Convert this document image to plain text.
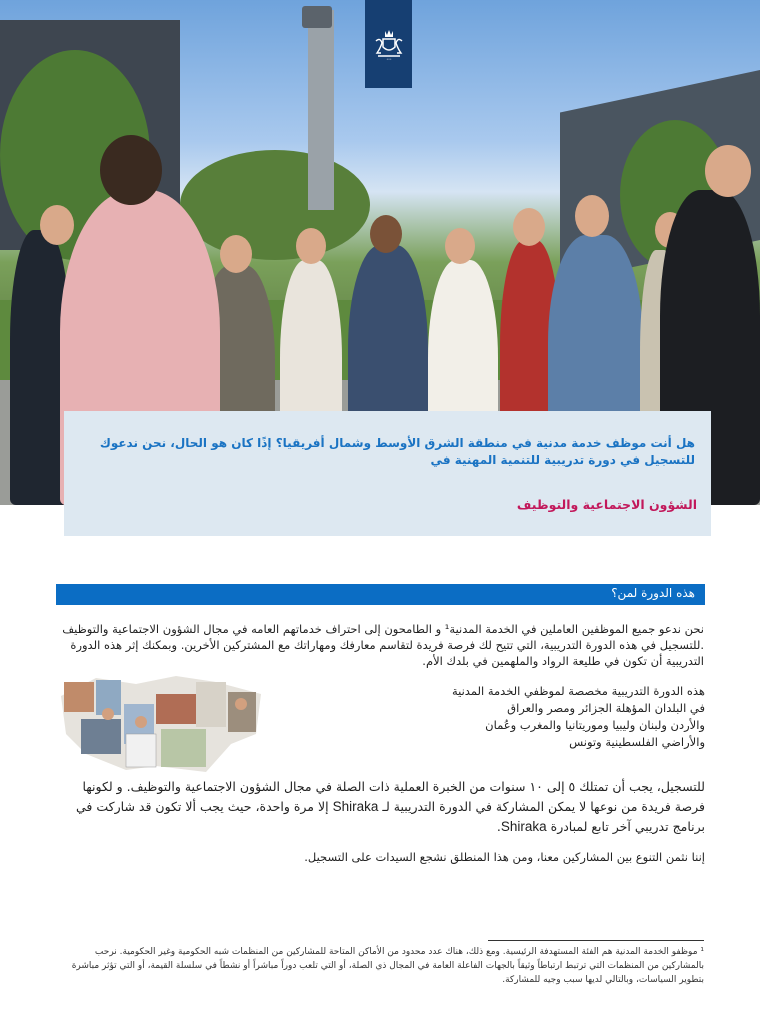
•••

هل أنت موظف خدمة مدنية في منطقة الشرق الأوسط وشمال أفريقيا؟ إذًا كان هو الحال، نحن ندعوك للتسجيل في دورة تدريبية للتنمية المهنية في

الشؤون الاجتماعية والتوظيف

هذه الدورة لمن؟

نحن ندعو جميع الموظفين العاملين في الخدمة المدنية¹ و الطامحون إلى احتراف خدماتهم العامه في مجال الشؤون الاجتماعية والتوظيف .للتسجيل في هذه الدورة التدريبية، التي تتيح لك فرصة فريدة لتقاسم معارفك ومهاراتك مع المشتركين الأخرين. وبمكنك إثر هذه الدورة التدريبية أن تكون في طليعة الرواد والملهمين في بلدك الأم.

هذه الدورة التدريبية مخصصة لموظفي الخدمة المدنية
في البلدان المؤهلة الجزائر ومصر والعراق
والأردن ولبنان وليبيا وموريتانيا والمغرب وعُمان
والأراضي الفلسطينية وتونس

للتسجيل، يجب أن تمتلك ٥ إلى ١٠ سنوات من الخبرة العملية ذات الصلة في مجال الشؤون الاجتماعية والتوظيف. و لكونها فرصة فريدة من نوعها لا يمكن المشاركة في الدورة التدريبية لـ Shiraka إلا مرة واحدة، حيث يجب ألا تكون قد شاركت في برنامج تدريبي آخر تابع لمبادرة Shiraka.

إننا نثمن التنوع بين المشاركين معنا، ومن هذا المنطلق نشجع السيدات على التسجيل.

¹ موظفو الخدمة المدنية هم الفئة المستهدفة الرئيسية. ومع ذلك، هناك عدد محدود من الأماكن المتاحة للمشاركين من المنظمات شبه الحكومية وغير الحكومية. نرحب بالمشاركين من المنظمات التي ترتبط ارتباطاً وثيقاً بالجهات الفاعلة العامة في المجال ذي الصلة، أو التي تلعب دوراً مباشراً أو نشطاً في سلسلة القيمة، أو التي تؤثر مباشرة بتطوير السياسات، وبالتالي لديها سبب وجيه للمشاركة.
